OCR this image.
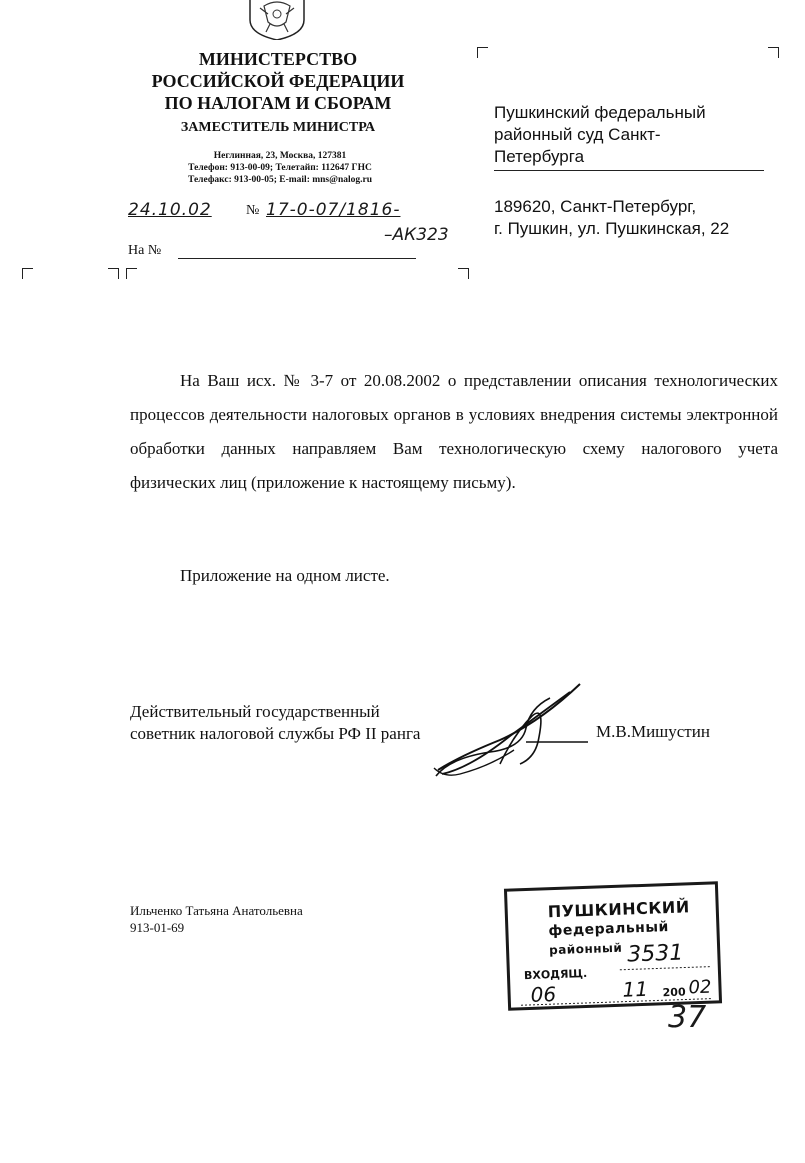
МИНИСТЕРСТВО
РОССИЙСКОЙ ФЕДЕРАЦИИ
ПО НАЛОГАМ И СБОРАМ
ЗАМЕСТИТЕЛЬ МИНИСТРА
Неглинная, 23, Москва, 127381
Телефон: 913-00-09; Телетайп: 112647 ГНС
Телефакс: 913-00-05; E-mail: mns@nalog.ru
24.10.02 № 17-0-07/1816-
–АК323
На №
Пушкинский федеральный
районный суд Санкт-
Петербурга
189620, Санкт-Петербург,
г. Пушкин, ул. Пушкинская, 22
На Ваш исх. № 3-7 от 20.08.2002 о представлении описания технологических процессов деятельности налоговых органов в условиях внедрения системы электронной обработки данных направляем Вам технологическую схему налогового учета физических лиц (приложение к настоящему письму).
Приложение на одном листе.
Действительный государственный
советник налоговой службы РФ II ранга	М.В.Мишустин
Ильченко Татьяна Анатольевна
913-01-69
ПУШКИНСКИЙ
федеральный
районный
ВХОДЯЩ.
3531
06	11 200 02
37
